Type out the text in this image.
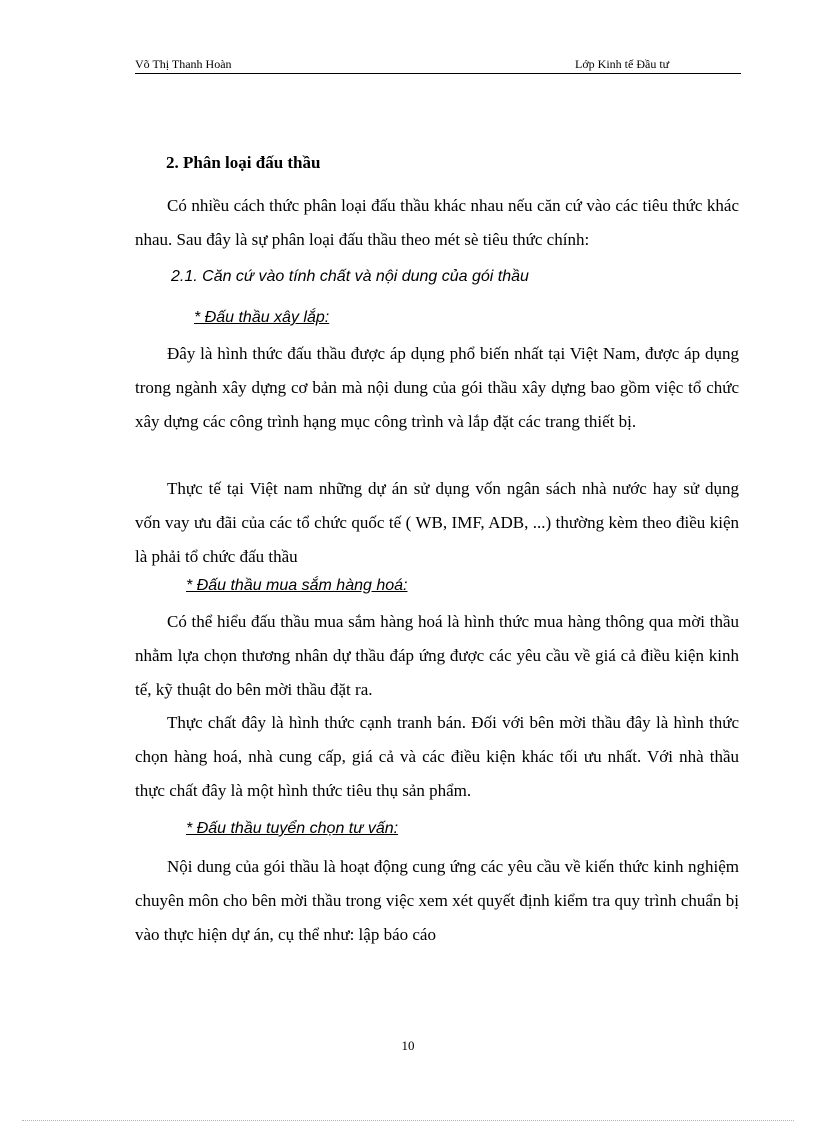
Võ Thị Thanh Hoàn	Lớp Kinh tế Đầu tư
2. Phân loại đấu thầu

Có nhiều cách thức phân loại đấu thầu khác nhau nếu căn cứ vào các tiêu thức khác nhau. Sau đây là sự phân loại đấu thầu theo mét sè tiêu thức chính:

2.1. Căn cứ vào tính chất và nội dung của gói thầu
* Đấu thầu xây lắp:

Đây là hình thức đấu thầu được áp dụng phổ biến nhất tại Việt Nam, được áp dụng trong ngành xây dựng cơ bản mà nội dung của gói thầu xây dựng bao gồm việc tổ chức xây dựng các công trình hạng mục công trình và lắp đặt các trang thiết bị.

Thực tế tại Việt nam những dự án sử dụng vốn ngân sách nhà nước hay sử dụng vốn vay ưu đãi của các tổ chức quốc tế ( WB, IMF, ADB, ...) thường kèm theo điều kiện là phải tổ chức đấu thầu

* Đấu thầu mua sắm hàng hoá:

Có thể hiểu đấu thầu mua sắm hàng hoá là hình thức mua hàng thông qua mời thầu nhằm lựa chọn thương nhân dự thầu đáp ứng được các yêu cầu về giá cả điều kiện kinh tế, kỹ thuật do bên mời thầu đặt ra.

Thực chất đây là hình thức cạnh tranh bán. Đối với bên mời thầu đây là hình thức chọn hàng hoá, nhà cung cấp, giá cả và các điều kiện khác tối ưu nhất. Với nhà thầu thực chất đây là một hình thức tiêu thụ sản phẩm.

* Đấu thầu tuyển chọn tư vấn:

Nội dung của gói thầu là hoạt động cung ứng các yêu cầu về kiến thức kinh nghiệm chuyên môn cho bên mời thầu trong việc xem xét quyết định kiểm tra quy trình chuẩn bị vào thực hiện dự án, cụ thể như: lập báo cáo

10
